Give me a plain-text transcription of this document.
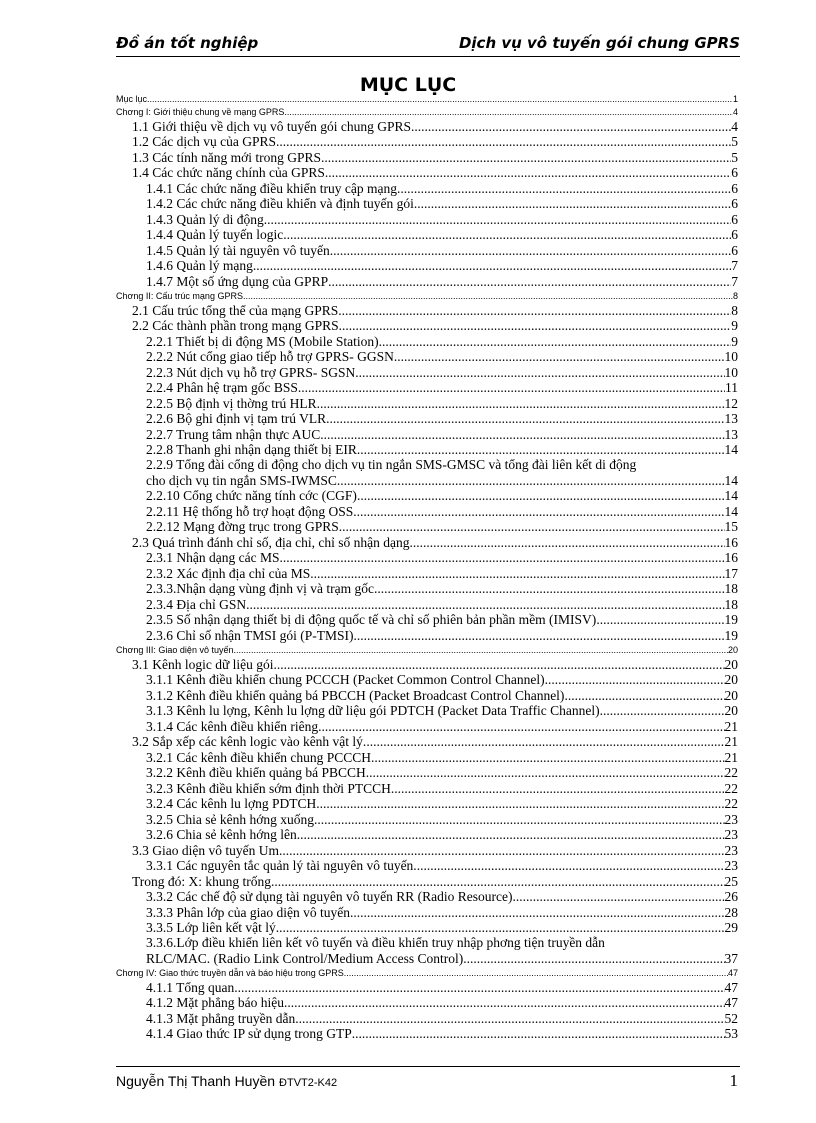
Đồ án tốt nghiệp	Dịch vụ vô tuyến gói chung GPRS
MỤC LỤC
Mục lục .....	1
Chơng I: Giới thiệu chung về mạng GPRS .....	4
1.1 Giới thiệu về dịch vụ vô tuyến gói chung GPRS .....	4
1.2 Các dịch vụ của GPRS .....	5
1.3 Các tính năng mới trong GPRS .....	5
1.4 Các chức năng chính của GPRS .....	6
1.4.1 Các chức năng điều khiển truy cập mạng .....	6
1.4.2 Các chức năng điều khiển và định tuyến gói .....	6
1.4.3 Quản lý di động .....	6
1.4.4 Quản lý tuyến logic .....	6
1.4.5 Quản lý tài nguyên vô tuyến .....	6
1.4.6 Quản lý mạng .....	7
1.4.7 Một số ứng dụng của GPRP .....	7
Chơng II: Cấu trúc mạng GPRS .....	8
2.1 Cấu trúc tổng thể của mạng GPRS .....	8
2.2 Các thành phần trong mạng GPRS .....	9
2.2.1 Thiết bị di động MS (Mobile Station) .....	9
2.2.2 Nút cổng giao tiếp hỗ trợ GPRS- GGSN .....	10
2.2.3 Nút dịch vụ hỗ trợ GPRS- SGSN .....	10
2.2.4 Phân hệ trạm gốc BSS .....	11
2.2.5 Bộ định vị thờng trú HLR .....	12
2.2.6 Bộ ghi định vị tạm trú VLR .....	13
2.2.7 Trung tâm nhận thực AUC .....	13
2.2.8 Thanh ghi nhận dạng thiết bị EIR .....	14
2.2.9 Tổng đài cổng di động cho dịch vụ tin ngắn SMS-GMSC và tổng đài liên kết di động
cho dịch vụ tin ngắn SMS-IWMSC .....	14
2.2.10 Cổng chức năng tính cớc (CGF) .....	14
2.2.11 Hệ thống hỗ trợ hoạt động OSS .....	14
2.2.12 Mạng đờng trục trong GPRS .....	15
2.3 Quá trình đánh chỉ số, địa chỉ, chỉ số nhận dạng .....	16
2.3.1 Nhận dạng các MS .....	16
2.3.2 Xác định địa chỉ của MS .....	17
2.3.3.Nhận dạng vùng định vị và trạm gốc .....	18
2.3.4 Địa chỉ GSN .....	18
2.3.5 Số nhận dạng thiết bị di động quốc tế và chỉ số phiên bản phần mềm (IMISV) .....	19
2.3.6 Chỉ số nhận TMSI gói (P-TMSI) .....	19
Chơng III: Giao diện vô tuyến .....	20
3.1 Kênh logic dữ liệu gói. .....	20
3.1.1 Kênh điều khiển chung PCCCH (Packet Common Control Channel) .....	20
3.1.2 Kênh điều khiển quảng bá PBCCH (Packet Broadcast Control Channel) .....	20
3.1.3 Kênh lu lợng, Kênh lu lợng dữ liệu gói PDTCH (Packet Data Traffic Channel) .....	20
3.1.4 Các kênh điều khiển riêng .....	21
3.2 Sắp xếp các kênh logic vào kênh vật lý. .....	21
3.2.1 Các kênh điều khiển chung PCCCH. .....	21
3.2.2 Kênh điều khiển quảng bá PBCCH .....	22
3.2.3 Kênh điều khiển sớm định thời PTCCH. .....	22
3.2.4 Các kênh lu lợng PDTCH. .....	22
3.2.5 Chia sẻ kênh hớng xuống .....	23
3.2.6 Chia sẻ kênh hớng lên .....	23
3.3 Giao diện vô tuyến Um. .....	23
3.3.1 Các nguyên tắc quản lý tài nguyên vô tuyến. .....	23
Trong đó: X: khung trống. .....	25
3.3.2 Các chế độ sử dụng tài nguyên vô tuyến RR (Radio Resource) .....	26
3.3.3 Phân lớp của giao diện vô tuyến .....	28
3.3.5 Lớp liên kết vật lý .....	29
3.3.6.Lớp điều khiển liên kết vô tuyến và điều khiển truy nhập phơng tiện truyền dẫn
RLC/MAC. (Radio Link Control/Medium Access Control) .....	37
Chơng IV: Giao thức truyền dẫn và báo hiệu trong GPRS .....	47
4.1.1 Tổng quan .....	47
4.1.2 Mặt phẳng báo hiệu .....	47
4.1.3 Mặt phẳng truyền dẫn .....	52
4.1.4 Giao thức IP sử dụng trong GTP .....	53
Nguyễn Thị Thanh Huyền ĐTVT2-K42	1
